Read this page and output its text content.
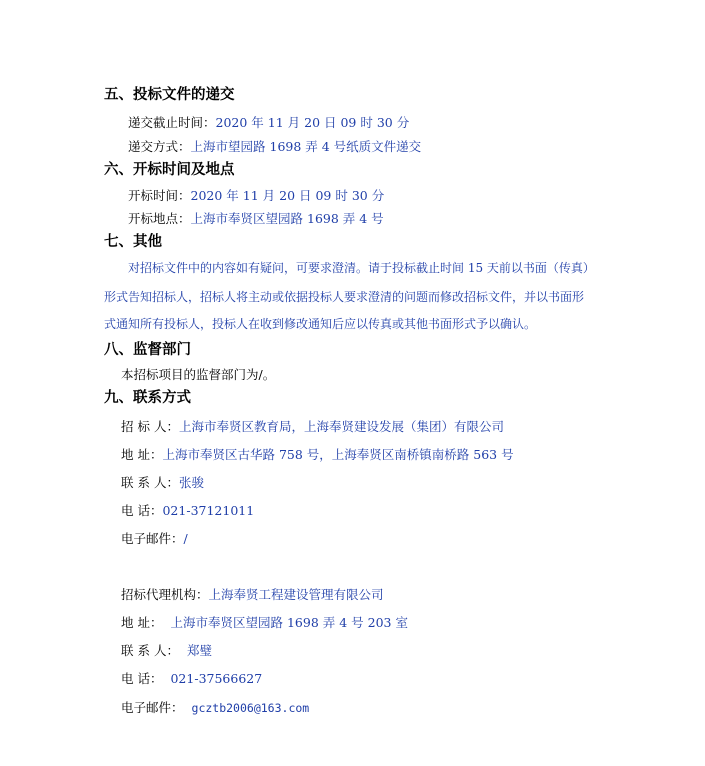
五、投标文件的递交
递交截止时间：2020 年 11 月 20 日 09 时 30 分
递交方式：上海市望园路 1698 弄 4 号纸质文件递交
六、开标时间及地点
开标时间：2020 年 11 月 20 日 09 时 30 分
开标地点：上海市奉贤区望园路 1698 弄 4 号
七、其他
对招标文件中的内容如有疑问，可要求澄清。请于投标截止时间 15 天前以书面（传真）
形式告知招标人，招标人将主动或依据投标人要求澄清的问题而修改招标文件，并以书面形
式通知所有投标人，投标人在收到修改通知后应以传真或其他书面形式予以确认。
八、监督部门
本招标项目的监督部门为/。
九、联系方式
招 标 人：上海市奉贤区教育局，上海奉贤建设发展（集团）有限公司
地 址：上海市奉贤区古华路 758 号，上海奉贤区南桥镇南桥路 563 号
联 系 人：张骏
电 话：021-37121011
电子邮件：/
招标代理机构：上海奉贤工程建设管理有限公司
地 址： 上海市奉贤区望园路 1698 弄 4 号 203 室
联 系 人： 郑璧
电 话： 021-37566627
电子邮件： gcztb2006@163.com
